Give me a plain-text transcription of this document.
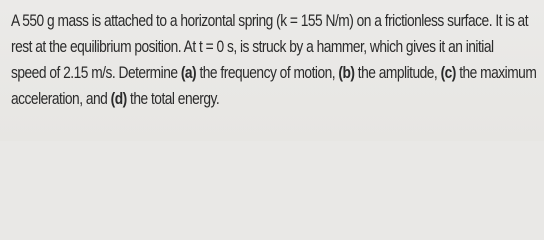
A 550 g mass is attached to a horizontal spring (k = 155 N/m) on a frictionless surface. It is at
rest at the equilibrium position. At t = 0 s, is struck by a hammer, which gives it an initial
speed of 2.15 m/s. Determine (a) the frequency of motion, (b) the amplitude, (c) the maximum
acceleration, and (d) the total energy.
